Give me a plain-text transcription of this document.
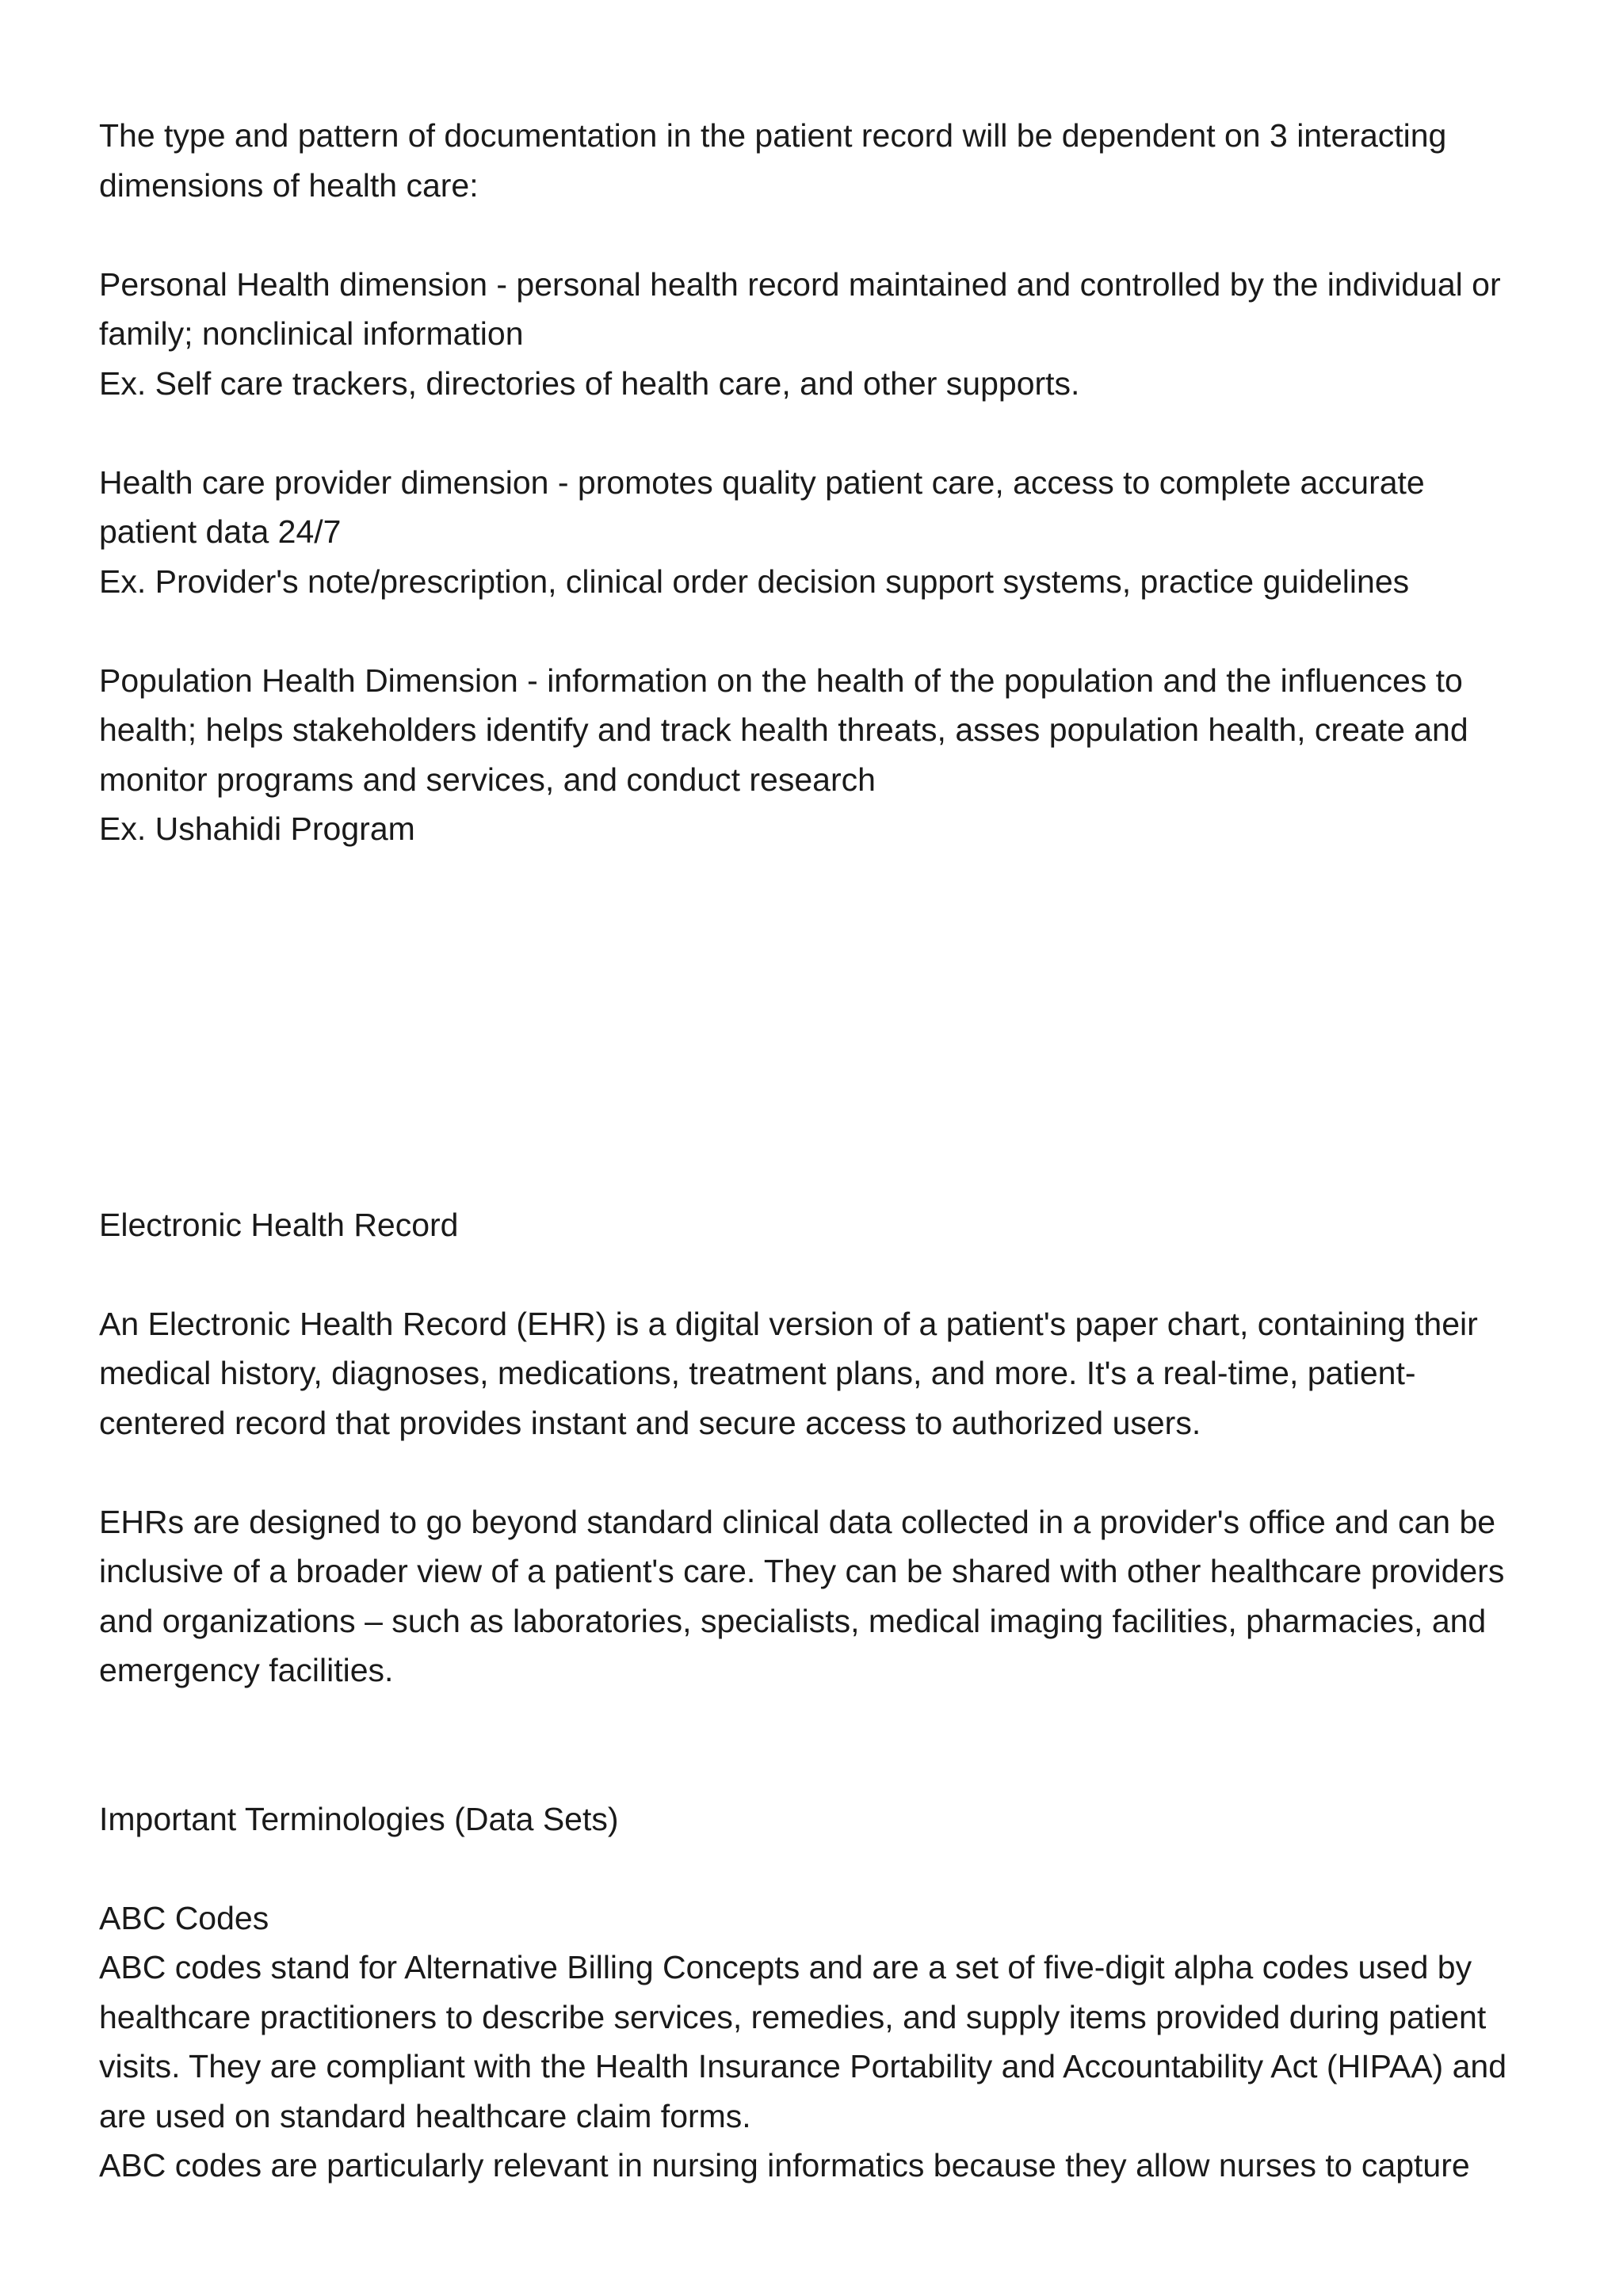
The type and pattern of documentation in the patient record will be dependent on 3 interacting

dimensions of health care:

Personal Health dimension - personal health record maintained and controlled by the individual or

family; nonclinical information

Ex. Self care trackers, directories of health care, and other supports.

Health care provider dimension - promotes quality patient care, access to complete accurate

patient data 24/7

Ex. Provider's note/prescription, clinical order decision support systems, practice guidelines

Population Health Dimension - information on the health of the population and the influences to

health; helps stakeholders identify and track health threats, asses population health, create and

monitor programs and services, and conduct research

Ex. Ushahidi Program

Electronic Health Record

An Electronic Health Record (EHR) is a digital version of a patient's paper chart, containing their

medical history, diagnoses, medications, treatment plans, and more. It's a real-time, patient-

centered record that provides instant and secure access to authorized users.

EHRs are designed to go beyond standard clinical data collected in a provider's office and can be

inclusive of a broader view of a patient's care. They can be shared with other healthcare providers

and organizations – such as laboratories, specialists, medical imaging facilities, pharmacies, and

emergency facilities.

Important Terminologies (Data Sets)

ABC Codes

ABC codes stand for Alternative Billing Concepts and are a set of five-digit alpha codes used by

healthcare practitioners to describe services, remedies, and supply items provided during patient

visits. They are compliant with the Health Insurance Portability and Accountability Act (HIPAA) and

are used on standard healthcare claim forms.

ABC codes are particularly relevant in nursing informatics because they allow nurses to capture
